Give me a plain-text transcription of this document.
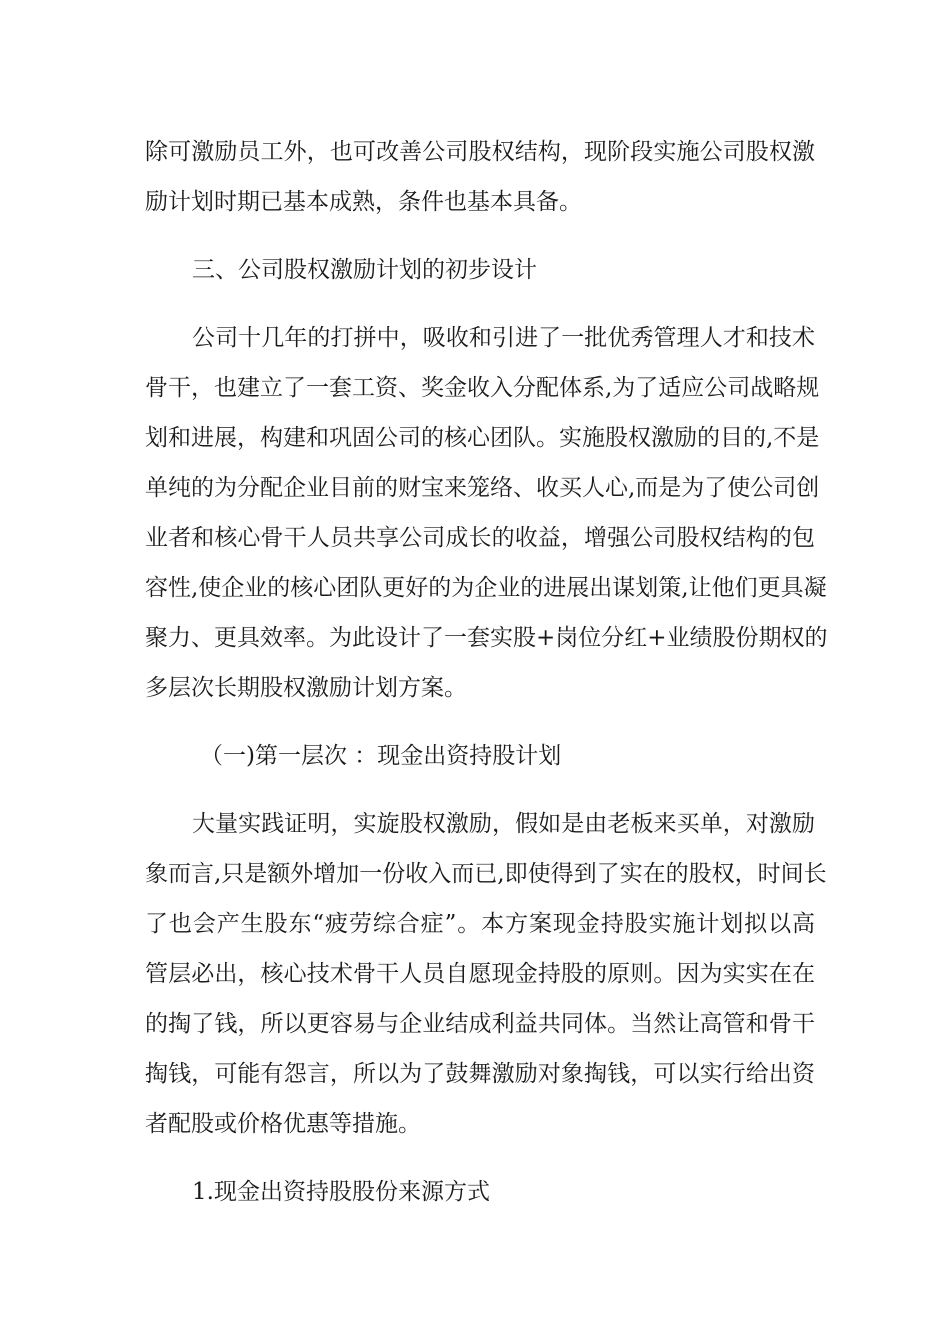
除可激励员工外，也可改善公司股权结构，现阶段实施公司股权激
励计划时期已基本成熟，条件也基本具备。
三、公司股权激励计划的初步设计
公司十几年的打拼中，吸收和引进了一批优秀管理人才和技术
骨干，也建立了一套工资、奖金收入分配体系,为了适应公司战略规
划和进展，构建和巩固公司的核心团队。实施股权激励的目的,不是
单纯的为分配企业目前的财宝来笼络、收买人心,而是为了使公司创
业者和核心骨干人员共享公司成长的收益，增强公司股权结构的包
容性,使企业的核心团队更好的为企业的进展出谋划策,让他们更具凝
聚力、更具效率。为此设计了一套实股+岗位分红+业绩股份期权的
多层次长期股权激励计划方案。
（一)第一层次 ：现金出资持股计划
大量实践证明，实旋股权激励，假如是由老板来买单，对激励
象而言,只是额外增加一份收入而已,即使得到了实在的股权，时间长
了也会产生股东“疲劳综合症”。本方案现金持股实施计划拟以高
管层必出，核心技术骨干人员自愿现金持股的原则。因为实实在在
的掏了钱，所以更容易与企业结成利益共同体。当然让高管和骨干
掏钱，可能有怨言，所以为了鼓舞激励对象掏钱，可以实行给出资
者配股或价格优惠等措施。
1.现金出资持股股份来源方式
